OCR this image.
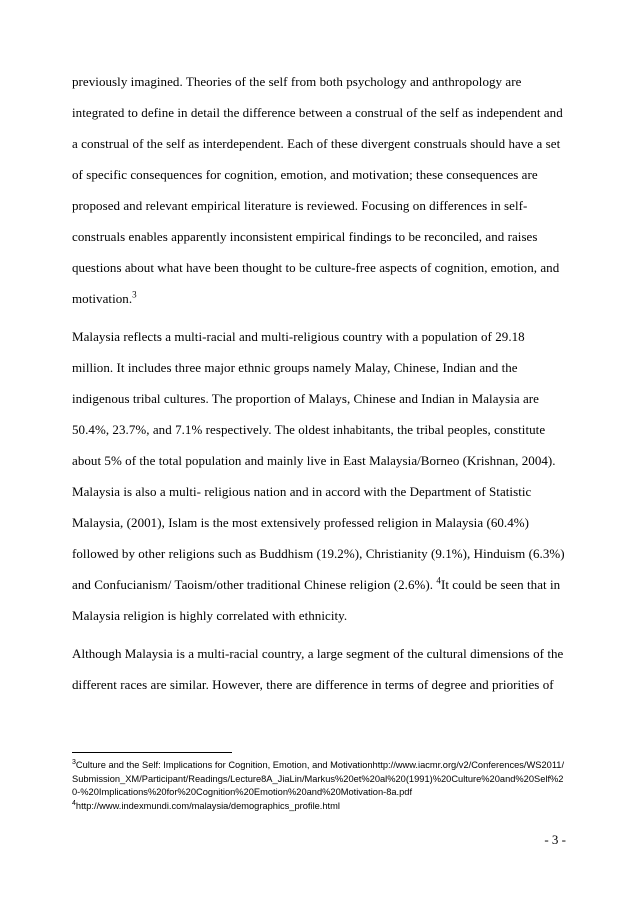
previously imagined. Theories of the self from both psychology and anthropology are
integrated to define in detail the difference between a construal of the self as independent and
a construal of the self as interdependent. Each of these divergent construals should have a set
of specific consequences for cognition, emotion, and motivation; these consequences are
proposed and relevant empirical literature is reviewed. Focusing on differences in self-
construals enables apparently inconsistent empirical findings to be reconciled, and raises
questions about what have been thought to be culture-free aspects of cognition, emotion, and
motivation.$^3$

Malaysia reflects a multi-racial and multi-religious country with a population of 29.18
million. It includes three major ethnic groups namely Malay, Chinese, Indian and the
indigenous tribal cultures. The proportion of Malays, Chinese and Indian in Malaysia are
50.4%, 23.7%, and 7.1% respectively. The oldest inhabitants, the tribal peoples, constitute
about 5% of the total population and mainly live in East Malaysia/Borneo (Krishnan, 2004).
Malaysia is also a multi- religious nation and in accord with the Department of Statistic
Malaysia, (2001), Islam is the most extensively professed religion in Malaysia (60.4%)
followed by other religions such as Buddhism (19.2%), Christianity (9.1%), Hinduism (6.3%)
and Confucianism/ Taoism/other traditional Chinese religion (2.6%). $^4$It could be seen that in
Malaysia religion is highly correlated with ethnicity.

Although Malaysia is a multi-racial country, a large segment of the cultural dimensions of the
different races are similar. However, there are difference in terms of degree and priorities of

$^3$Culture and the Self: Implications for Cognition, Emotion, and Motivationhttp://www.iacmr.org/v2/Conferences/WS2011/Submission_XM/Participant/Readings/Lecture8A_JiaLin/Markus%20et%20al%20(1991)%20Culture%20and%20Self%20-%20Implications%20for%20Cognition%20Emotion%20and%20Motivation-8a.pdf

$^4$http://www.indexmundi.com/malaysia/demographics_profile.html

- 3 -
